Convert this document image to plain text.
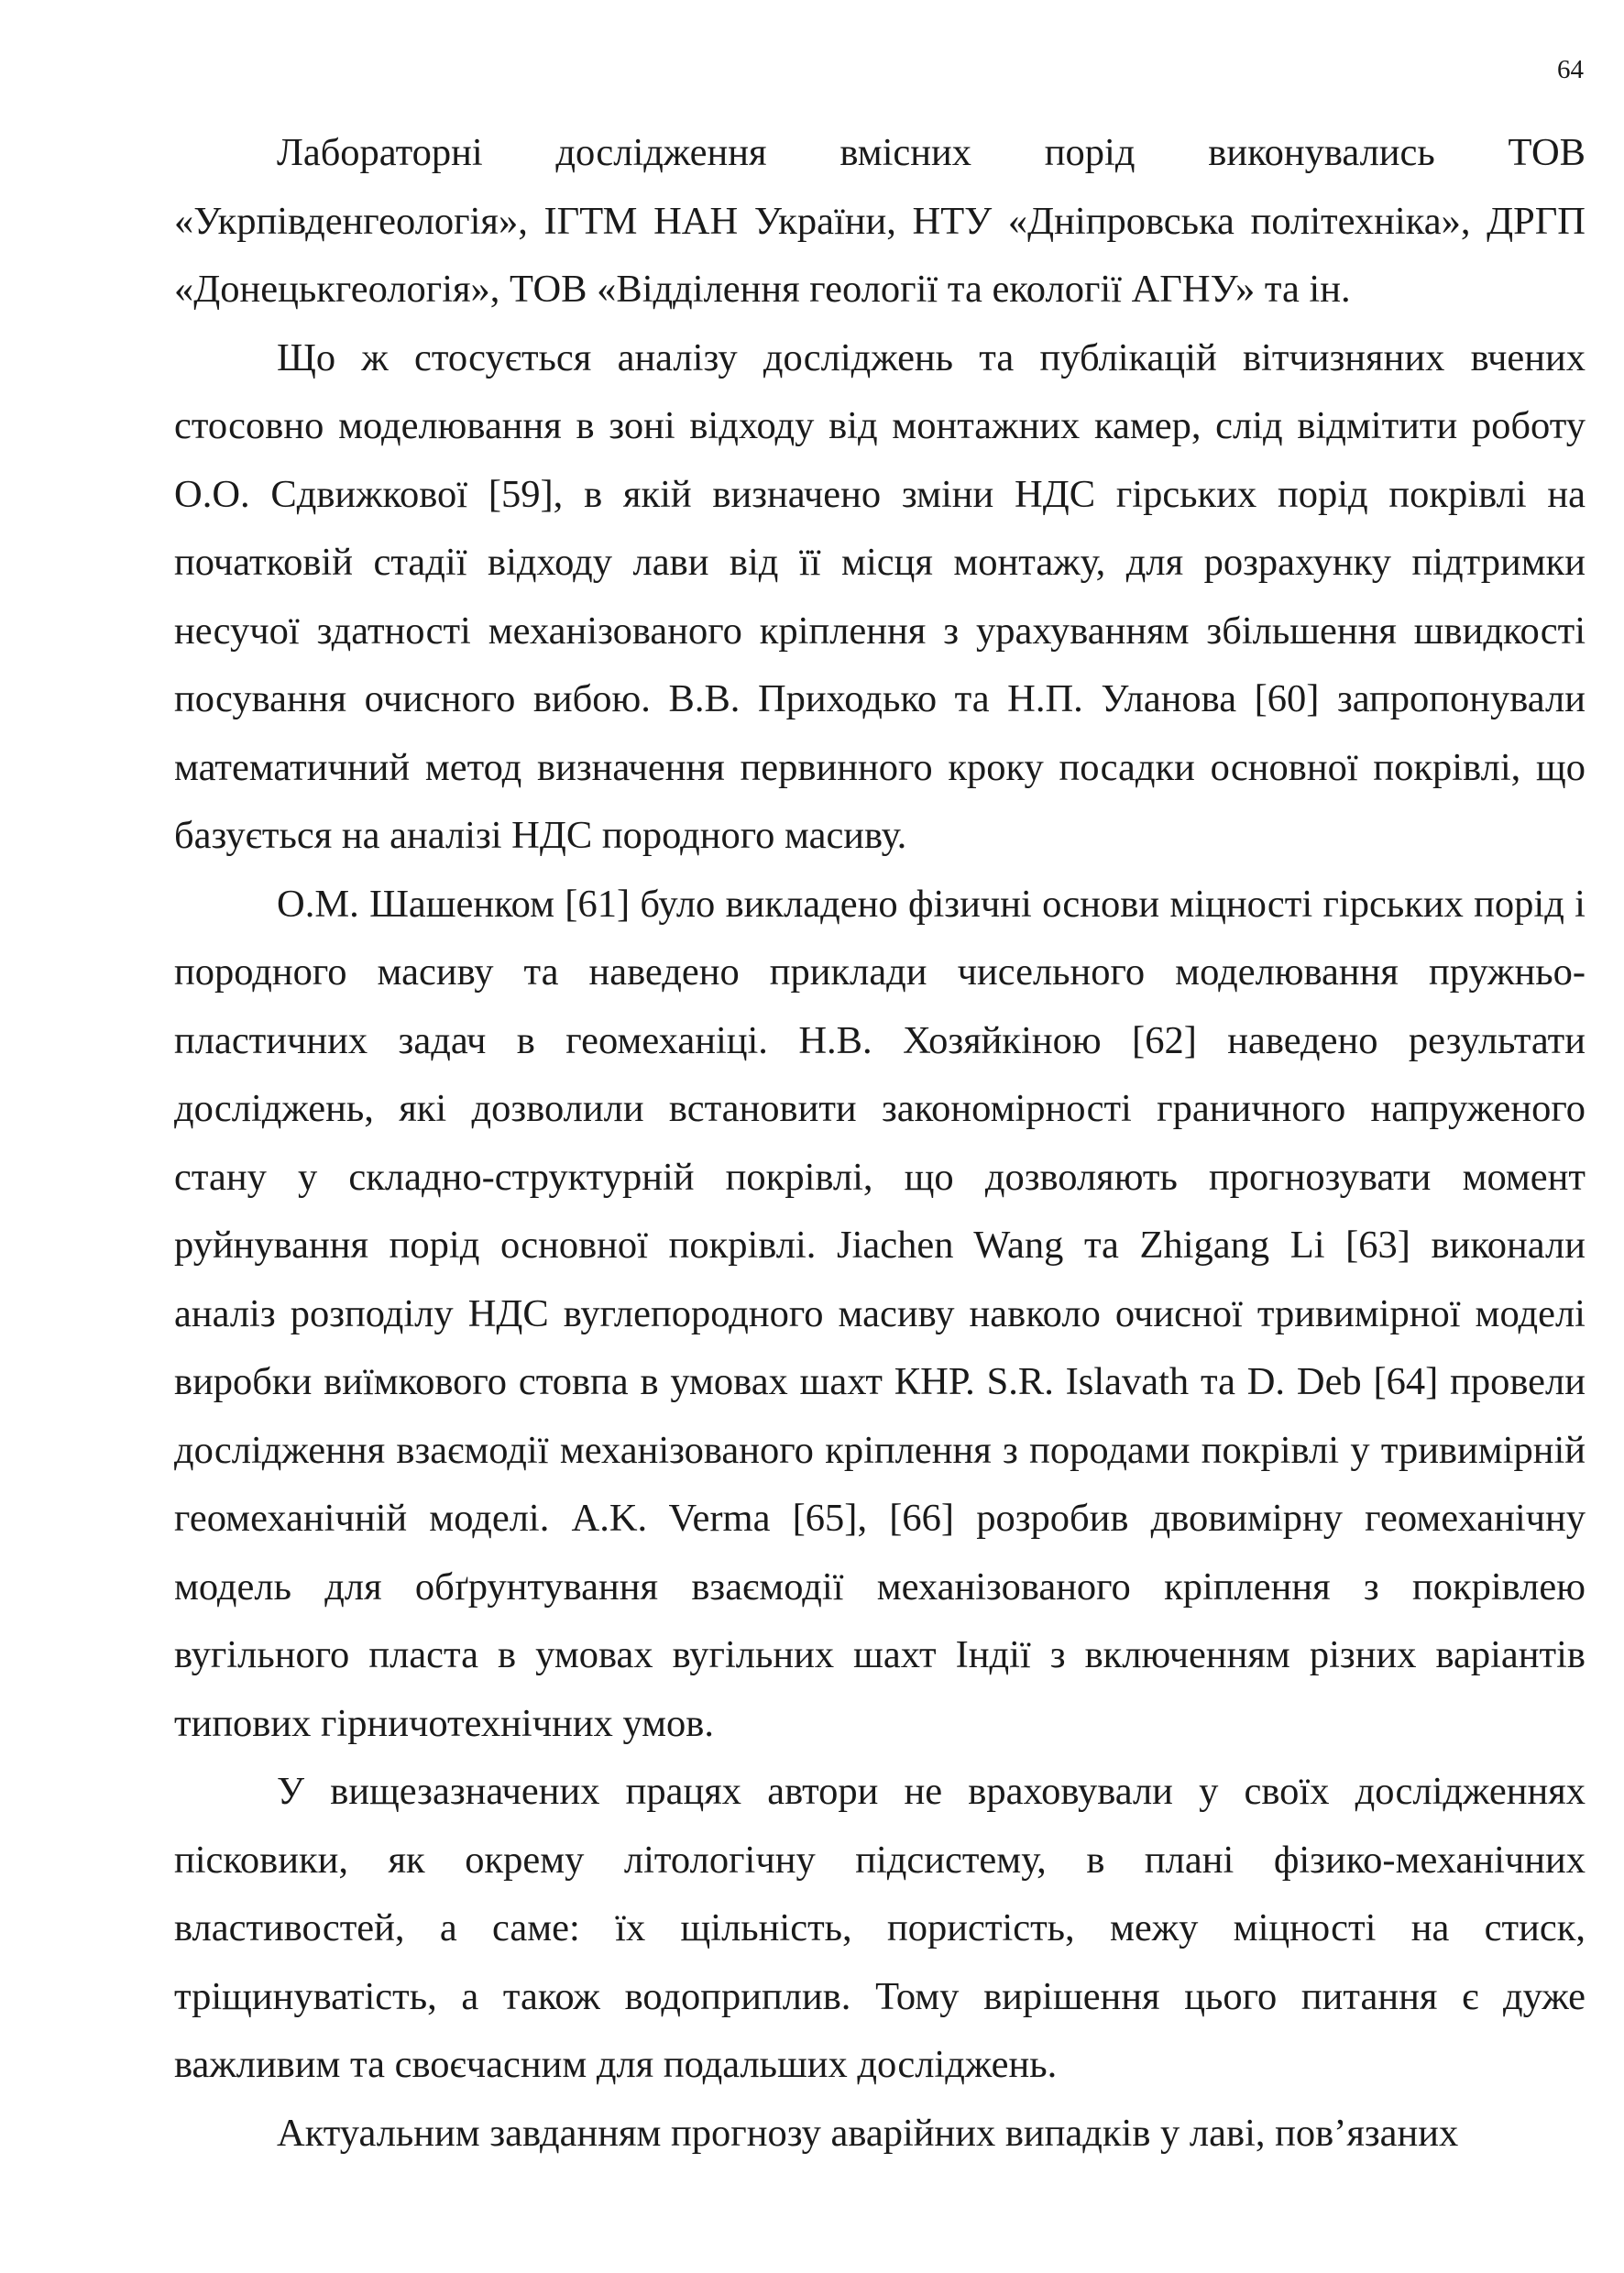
64

Лабораторні дослідження вмісних порід виконувались ТОВ «Укрпівденгеологія», ІГТМ НАН України, НТУ «Дніпровська політехніка», ДРГП «Донецькгеологія», ТОВ «Відділення геології та екології АГНУ» та ін.

Що ж стосується аналізу досліджень та публікацій вітчизняних вчених стосовно моделювання в зоні відходу від монтажних камер, слід відмітити роботу О.О. Сдвижкової [59], в якій визначено зміни НДС гірських порід покрівлі на початковій стадії відходу лави від її місця монтажу, для розрахунку підтримки несучої здатності механізованого кріплення з урахуванням збільшення швидкості посування очисного вибою. В.В. Приходько та Н.П. Уланова [60] запропонували математичний метод визначення первинного кроку посадки основної покрівлі, що базується на аналізі НДС породного масиву.

О.М. Шашенком [61] було викладено фізичні основи міцності гірських порід і породного масиву та наведено приклади чисельного моделювання пружньо-пластичних задач в геомеханіці. Н.В. Хозяйкіною [62] наведено результати досліджень, які дозволили встановити закономірності граничного напруженого стану у складно-структурній покрівлі, що дозволяють прогнозувати момент руйнування порід основної покрівлі. Jiachen Wang та Zhigang Li [63] виконали аналіз розподілу НДС вуглепородного масиву навколо очисної тривимірної моделі виробки виїмкового стовпа в умовах шахт КНР. S.R. Islavath та D. Deb [64] провели дослідження взаємодії механізованого кріплення з породами покрівлі у тривимірній геомеханічній моделі. A.K. Verma [65], [66] розробив двовимірну геомеханічну модель для обґрунтування взаємодії механізованого кріплення з покрівлею вугільного пласта в умовах вугільних шахт Індії з включенням різних варіантів типових гірничотехнічних умов.

У вищезазначених працях автори не враховували у своїх дослідженнях пісковики, як окрему літологічну підсистему, в плані фізико-механічних властивостей, а саме: їх щільність, пористість, межу міцності на стиск, тріщинуватість, а також водоприплив. Тому вирішення цього питання є дуже важливим та своєчасним для подальших досліджень.

Актуальним завданням прогнозу аварійних випадків у лаві, пов’язаних
